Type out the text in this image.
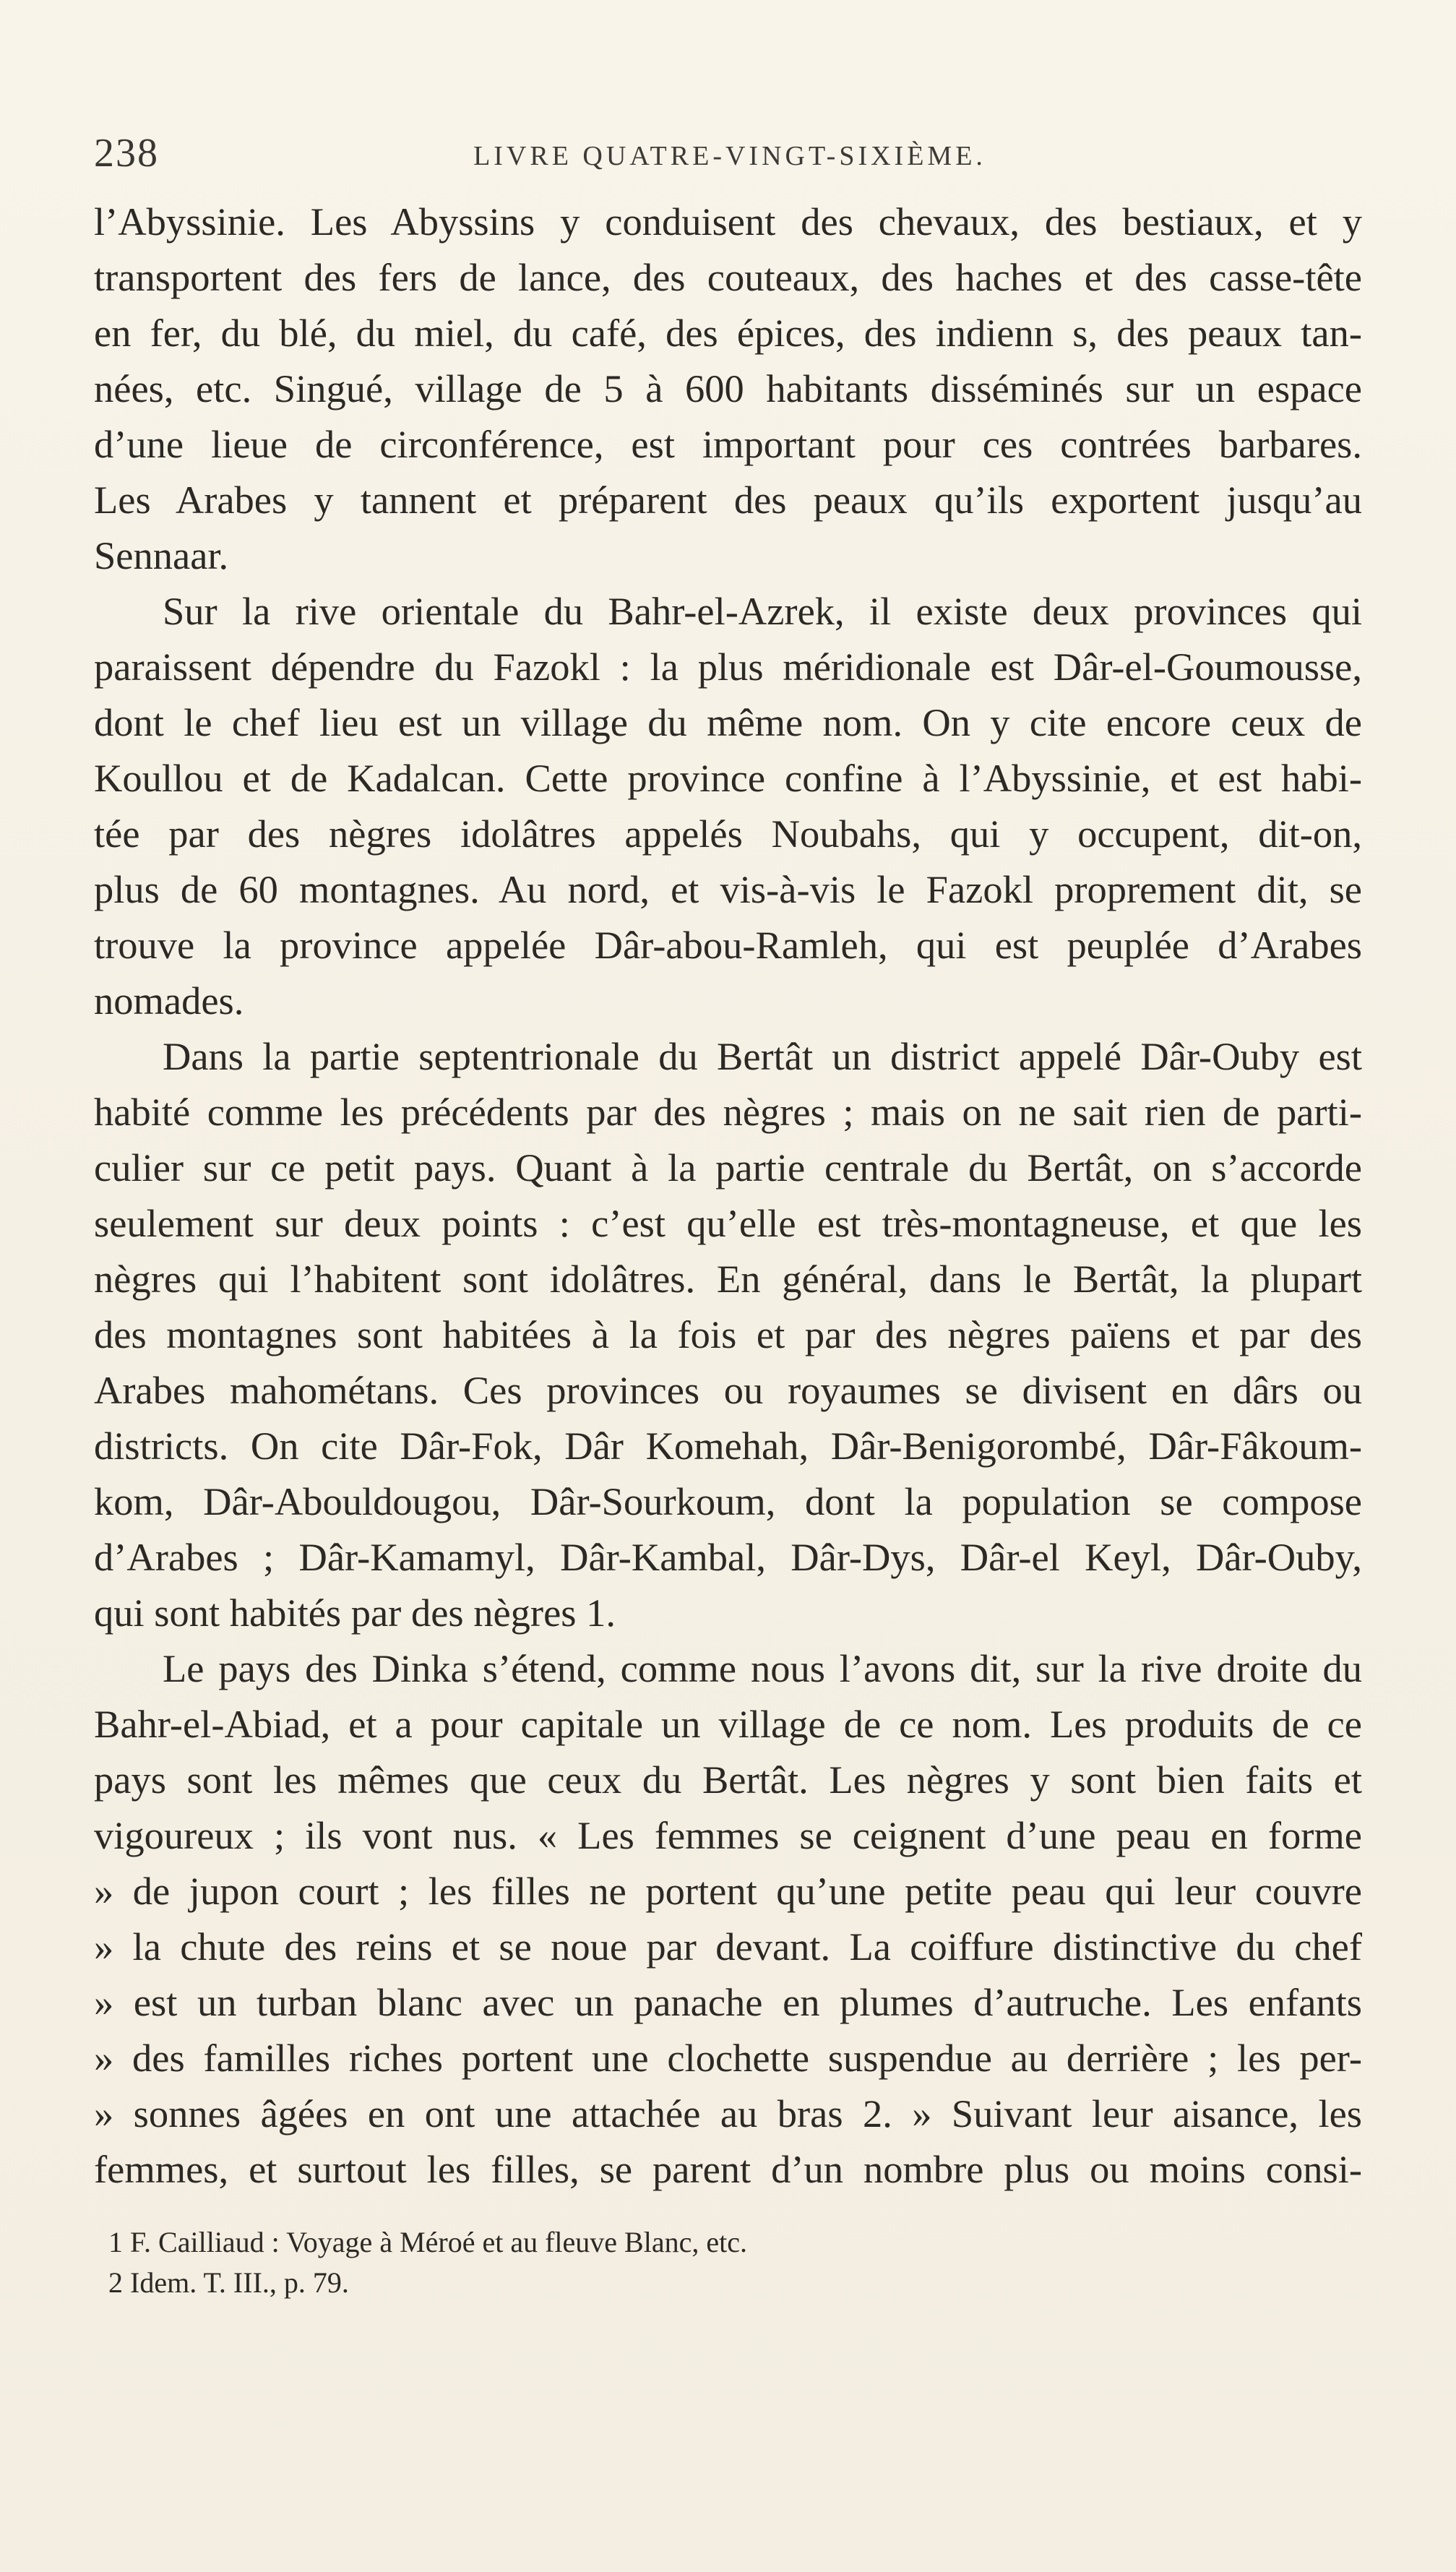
238	LIVRE QUATRE-VINGT-SIXIÈME.

l’Abyssinie. Les Abyssins y conduisent des chevaux, des bestiaux, et y

transportent des fers de lance, des couteaux, des haches et des casse-tête

en fer, du blé, du miel, du café, des épices, des indienn s, des peaux tan-

nées, etc. Singué, village de 5 à 600 habitants disséminés sur un espace

d’une lieue de circonférence, est important pour ces contrées barbares.

Les Arabes y tannent et préparent des peaux qu’ils exportent jusqu’au

Sennaar.

Sur la rive orientale du Bahr-el-Azrek, il existe deux provinces qui

paraissent dépendre du Fazokl : la plus méridionale est Dâr-el-Goumousse,

dont le chef lieu est un village du même nom. On y cite encore ceux de

Koullou et de Kadalcan. Cette province confine à l’Abyssinie, et est habi-

tée par des nègres idolâtres appelés Noubahs, qui y occupent, dit-on,

plus de 60 montagnes. Au nord, et vis-à-vis le Fazokl proprement dit, se

trouve la province appelée Dâr-abou-Ramleh, qui est peuplée d’Arabes

nomades.

Dans la partie septentrionale du Bertât un district appelé Dâr-Ouby est

habité comme les précédents par des nègres ; mais on ne sait rien de parti-

culier sur ce petit pays. Quant à la partie centrale du Bertât, on s’accorde

seulement sur deux points : c’est qu’elle est très-montagneuse, et que les

nègres qui l’habitent sont idolâtres. En général, dans le Bertât, la plupart

des montagnes sont habitées à la fois et par des nègres païens et par des

Arabes mahométans. Ces provinces ou royaumes se divisent en dârs ou

districts. On cite Dâr-Fok, Dâr Komehah, Dâr-Benigorombé, Dâr-Fâkoum-

kom, Dâr-Abouldougou, Dâr-Sourkoum, dont la population se compose

d’Arabes ; Dâr-Kamamyl, Dâr-Kambal, Dâr-Dys, Dâr-el Keyl, Dâr-Ouby,

qui sont habités par des nègres 1.

Le pays des Dinka s’étend, comme nous l’avons dit, sur la rive droite du

Bahr-el-Abiad, et a pour capitale un village de ce nom. Les produits de ce

pays sont les mêmes que ceux du Bertât. Les nègres y sont bien faits et

vigoureux ; ils vont nus. « Les femmes se ceignent d’une peau en forme

» de jupon court ; les filles ne portent qu’une petite peau qui leur couvre

» la chute des reins et se noue par devant. La coiffure distinctive du chef

» est un turban blanc avec un panache en plumes d’autruche. Les enfants

» des familles riches portent une clochette suspendue au derrière ; les per-

» sonnes âgées en ont une attachée au bras 2. » Suivant leur aisance, les

femmes, et surtout les filles, se parent d’un nombre plus ou moins consi-

1 F. Cailliaud : Voyage à Méroé et au fleuve Blanc, etc.

2 Idem. T. III., p. 79.
